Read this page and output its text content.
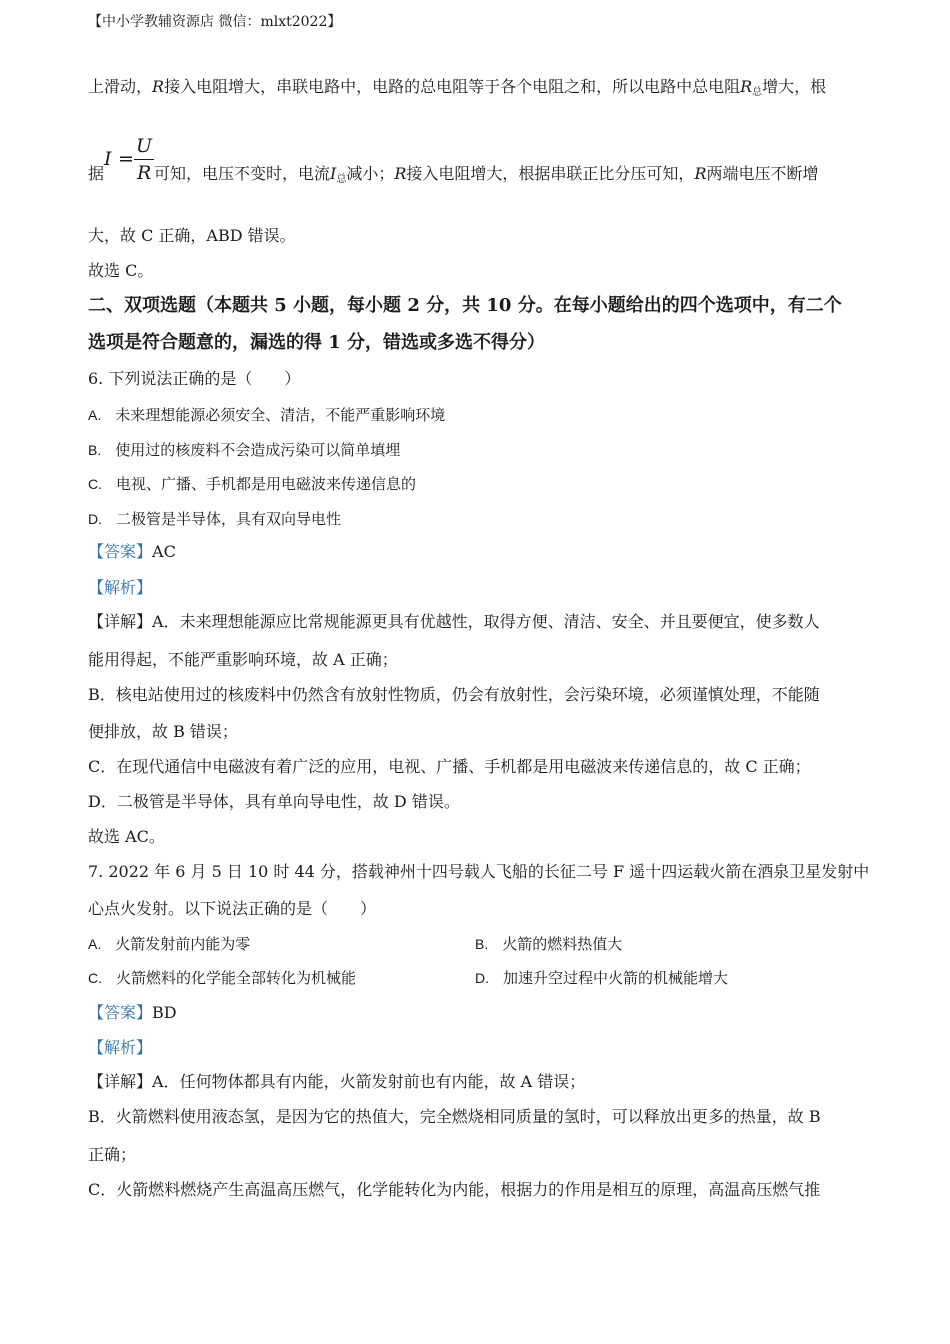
【中小学教辅资源店 微信：mlxt2022】
上滑动，R接入电阻增大，串联电路中，电路的总电阻等于各个电阻之和，所以电路中总电阻$R_总$增大，根
I =
U
R
据	可知，电压不变时，电流$I_总$减小；R接入电阻增大，根据串联正比分压可知，R两端电压不断增
大，故 C 正确，ABD 错误。
故选 C。
二、双项选题（本题共 5 小题，每小题 2 分，共 10 分。在每小题给出的四个选项中，有二个
选项是符合题意的，漏选的得 1 分，错选或多选不得分）
6. 下列说法正确的是（　　）
A. 未来理想能源必须安全、清洁，不能严重影响环境
B. 使用过的核废料不会造成污染可以简单填埋
C. 电视、广播、手机都是用电磁波来传递信息的
D. 二极管是半导体，具有双向导电性
【答案】AC
【解析】
【详解】A．未来理想能源应比常规能源更具有优越性，取得方便、清洁、安全、并且要便宜，使多数人
能用得起，不能严重影响环境，故 A 正确；
B．核电站使用过的核废料中仍然含有放射性物质，仍会有放射性，会污染环境，必须谨慎处理，不能随
便排放，故 B 错误；
C．在现代通信中电磁波有着广泛的应用，电视、广播、手机都是用电磁波来传递信息的，故 C 正确；
D．二极管是半导体，具有单向导电性，故 D 错误。
故选 AC。
7. 2022 年 6 月 5 日 10 时 44 分，搭载神州十四号载人飞船的长征二号 F 遥十四运载火箭在酒泉卫星发射中
心点火发射。以下说法正确的是（　　）
A. 火箭发射前内能为零	B. 火箭的燃料热值大
C. 火箭燃料的化学能全部转化为机械能	D. 加速升空过程中火箭的机械能增大
【答案】BD
【解析】
【详解】A．任何物体都具有内能，火箭发射前也有内能，故 A 错误；
B．火箭燃料使用液态氢，是因为它的热值大，完全燃烧相同质量的氢时，可以释放出更多的热量，故 B
正确；
C．火箭燃料燃烧产生高温高压燃气，化学能转化为内能，根据力的作用是相互的原理，高温高压燃气推
